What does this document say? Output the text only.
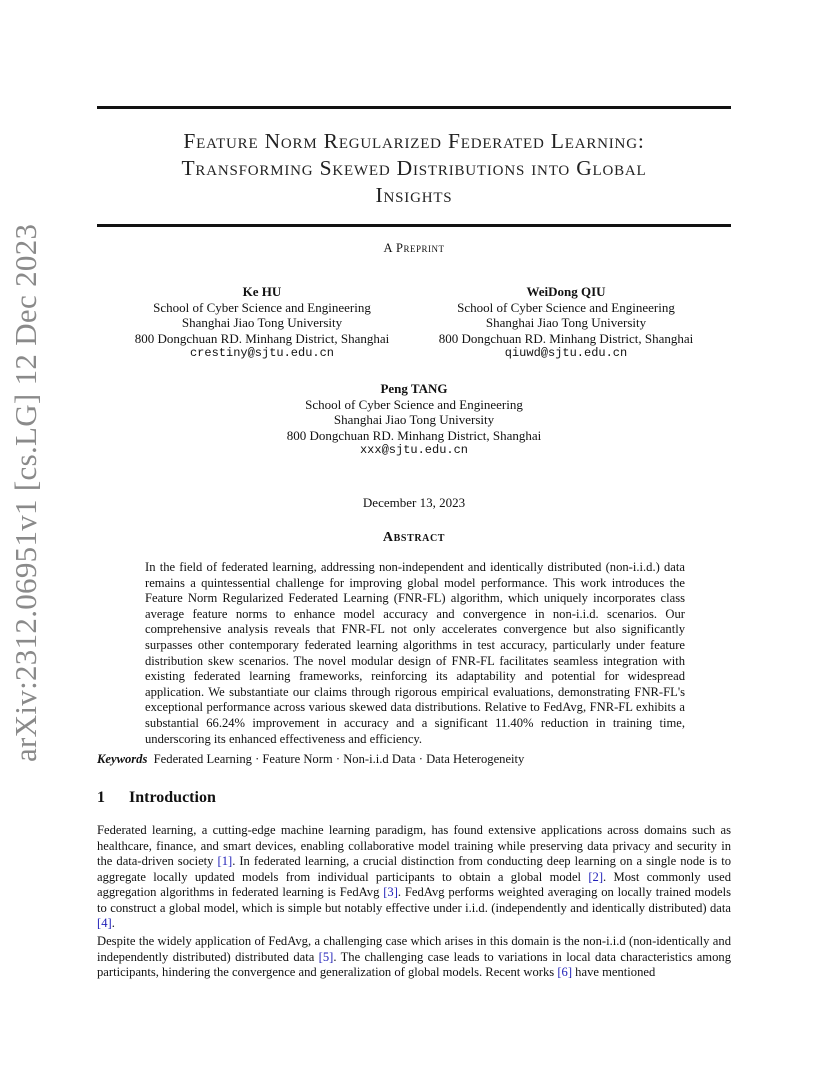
arXiv:2312.06951v1 [cs.LG] 12 Dec 2023
Feature Norm Regularized Federated Learning:
Transforming Skewed Distributions into Global
Insights
A Preprint
Ke HU
School of Cyber Science and Engineering
Shanghai Jiao Tong University
800 Dongchuan RD. Minhang District, Shanghai
crestiny@sjtu.edu.cn
WeiDong QIU
School of Cyber Science and Engineering
Shanghai Jiao Tong University
800 Dongchuan RD. Minhang District, Shanghai
qiuwd@sjtu.edu.cn
Peng TANG
School of Cyber Science and Engineering
Shanghai Jiao Tong University
800 Dongchuan RD. Minhang District, Shanghai
xxx@sjtu.edu.cn
December 13, 2023
Abstract
In the field of federated learning, addressing non-independent and identically distributed (non-i.i.d.) data remains a quintessential challenge for improving global model performance. This work introduces the Feature Norm Regularized Federated Learning (FNR-FL) algorithm, which uniquely incorporates class average feature norms to enhance model accuracy and convergence in non-i.i.d. scenarios. Our comprehensive analysis reveals that FNR-FL not only accelerates convergence but also significantly surpasses other contemporary federated learning algorithms in test accuracy, particularly under feature distribution skew scenarios. The novel modular design of FNR-FL facilitates seamless integration with existing federated learning frameworks, reinforcing its adaptability and potential for widespread application. We substantiate our claims through rigorous empirical evaluations, demonstrating FNR-FL's exceptional performance across various skewed data distributions. Relative to FedAvg, FNR-FL exhibits a substantial 66.24% improvement in accuracy and a significant 11.40% reduction in training time, underscoring its enhanced effectiveness and efficiency.
Keywords Federated Learning · Feature Norm · Non-i.i.d Data · Data Heterogeneity
1 Introduction
Federated learning, a cutting-edge machine learning paradigm, has found extensive applications across domains such as healthcare, finance, and smart devices, enabling collaborative model training while preserving data privacy and security in the data-driven society [1]. In federated learning, a crucial distinction from conducting deep learning on a single node is to aggregate locally updated models from individual participants to obtain a global model [2]. Most commonly used aggregation algorithms in federated learning is FedAvg [3]. FedAvg performs weighted averaging on locally trained models to construct a global model, which is simple but notably effective under i.i.d. (independently and identically distributed) data [4].
Despite the widely application of FedAvg, a challenging case which arises in this domain is the non-i.i.d (non-identically and independently distributed) distributed data [5]. The challenging case leads to variations in local data characteristics among participants, hindering the convergence and generalization of global models. Recent works [6] have mentioned
